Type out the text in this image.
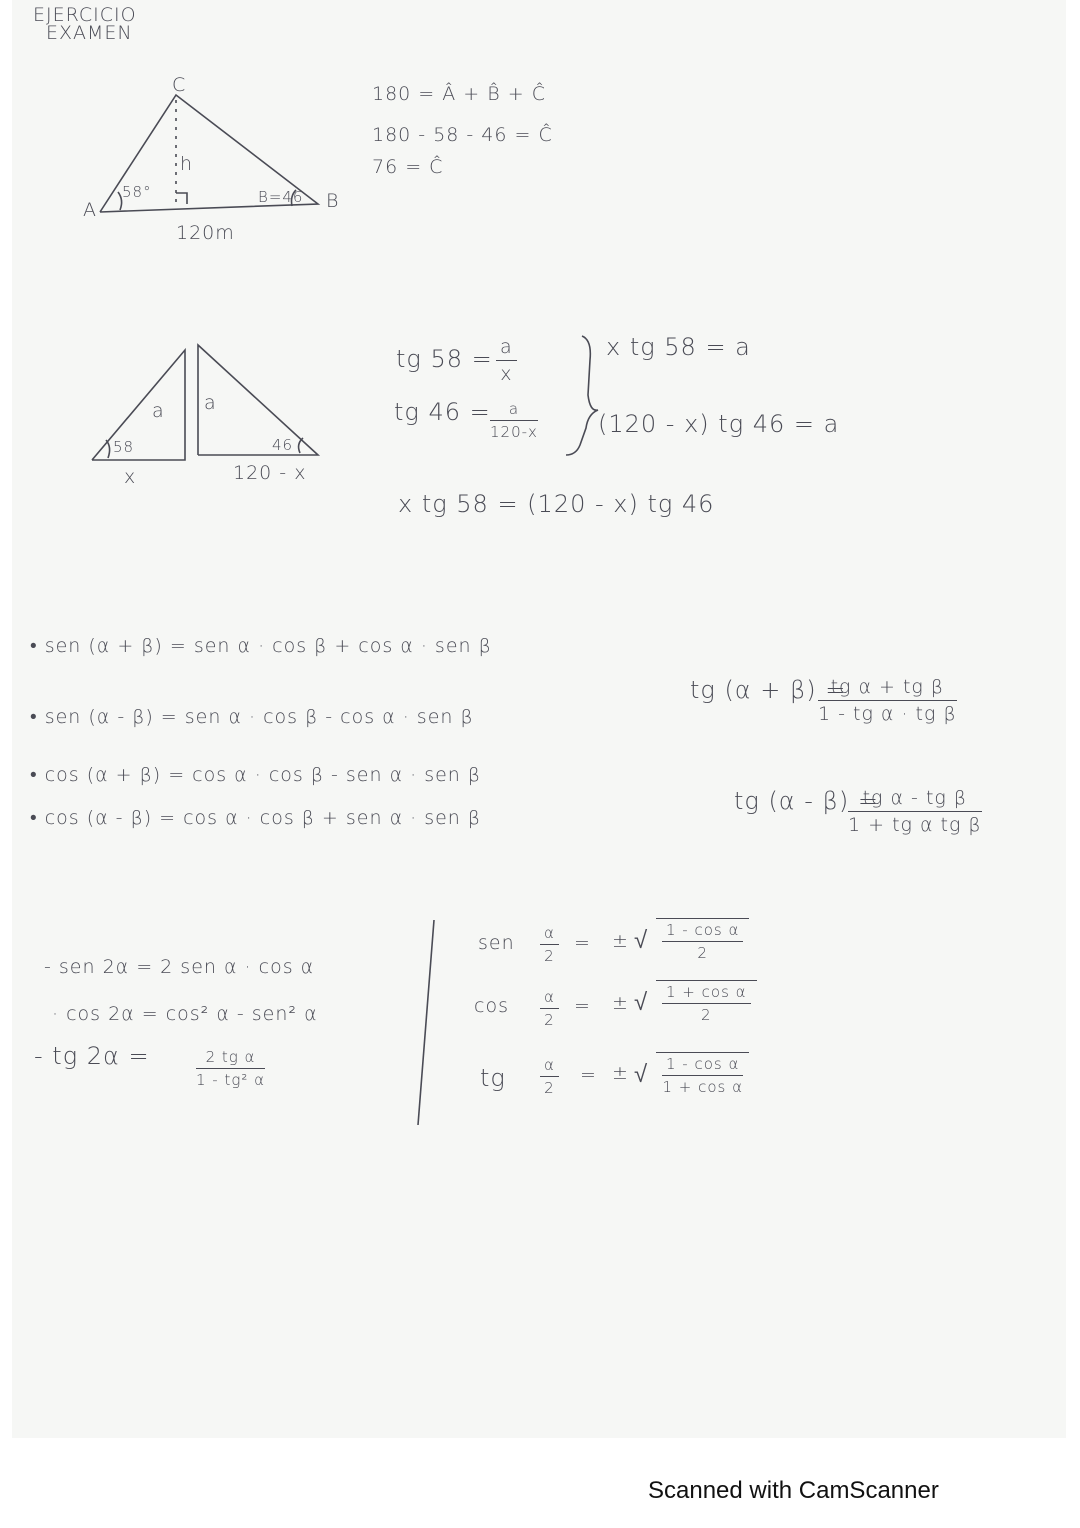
EJERCICIO
EXAMEN
C
A
58°
h
B=46 B
120m
180 = Â + B̂ + Ĉ
180 - 58 - 46 = Ĉ
76 = Ĉ
58
a
x
a
46
120 - x
tg $58 = \frac{a}{x}$
tg $46 = \frac{a}{120-x}$
x tg 58 = a
(120 - x) tg 46 = a
x tg 58 = (120 - x) tg 46
• sen (α + β) = sen α · cos β + cos α · sen β
• sen (α - β) = sen α · cos β - cos α · sen β
• cos (α + β) = cos α · cos β - sen α · sen β
• cos (α - β) = cos α · cos β + sen α · sen β
tg (α + β) =
$\frac{\text{tg α + tg β}}{\text{1 - tg α · tg β}}$
tg (α - β) =
$\frac{\text{tg α - tg β}}{\text{1 + tg α tg β}}$
- sen 2α = 2 sen α · cos α
· cos 2α = cos² α - sen² α
- tg 2α =	$\frac{\text{2 tg α}}{\text{1 - tg² α}}$
sen $\frac{\alpha}{2}$ = ± √ $\frac{\text{1 - cos α}}{2}$
$\cos \frac{\alpha}{2}$ = ± √ $\frac{\text{1 + cos α}}{2}$
tg $\frac{\alpha}{2}$ = ± √ $\frac{\text{1 - cos α}}{\text{1 + cos α}}$
Scanned with CamScanner
